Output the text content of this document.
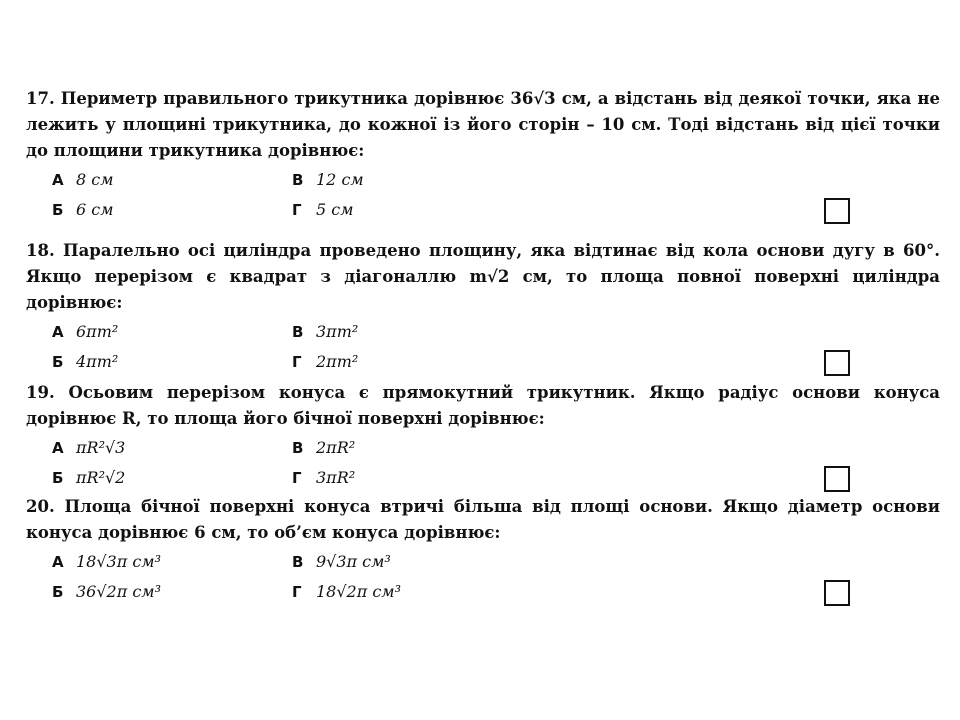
17. Периметр правильного трикутника дорівнює 36√3 см, а відстань від деякої точки, яка не лежить у площині трикутника, до кожної із його сторін – 10 см. Тоді відстань від цієї точки до площини трикутника дорівнює:

А 8 см	В 12 см
Б 6 см	Г 5 см

18. Паралельно осі циліндра проведено площину, яка відтинає від кола основи дугу в 60°. Якщо перерізом є квадрат з діагоналлю m√2 см, то площа повної поверхні циліндра дорівнює:

А 6πm²	В 3πm²
Б 4πm²	Г 2πm²

19. Осьовим перерізом конуса є прямокутний трикутник. Якщо радіус основи конуса дорівнює R, то площа його бічної поверхні дорівнює:

А πR²√3	В 2πR²
Б πR²√2	Г 3πR²

20. Площа бічної поверхні конуса втричі більша від площі основи. Якщо діаметр основи конуса дорівнює 6 см, то об’єм конуса дорівнює:

А 18√3π см³	В 9√3π см³
Б 36√2π см³	Г 18√2π см³
